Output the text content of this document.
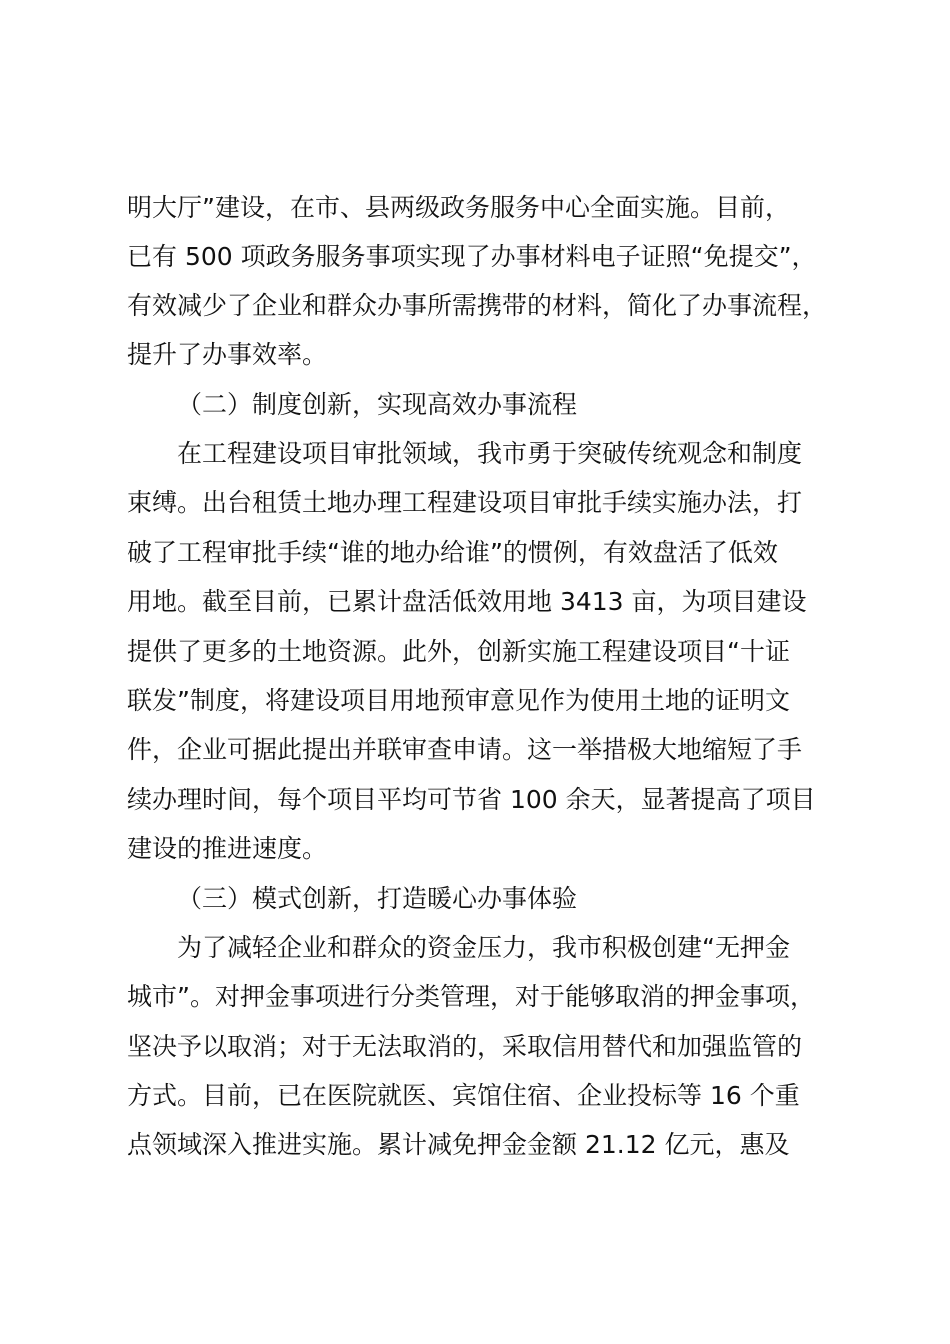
明大厅”建设，在市、县两级政务服务中心全面实施。目前，
已有 500 项政务服务事项实现了办事材料电子证照“免提交”，
有效减少了企业和群众办事所需携带的材料，简化了办事流程，
提升了办事效率。
（二）制度创新，实现高效办事流程
在工程建设项目审批领域，我市勇于突破传统观念和制度
束缚。出台租赁土地办理工程建设项目审批手续实施办法，打
破了工程审批手续“谁的地办给谁”的惯例，有效盘活了低效
用地。截至目前，已累计盘活低效用地 3413 亩，为项目建设
提供了更多的土地资源。此外，创新实施工程建设项目“十证
联发”制度，将建设项目用地预审意见作为使用土地的证明文
件，企业可据此提出并联审查申请。这一举措极大地缩短了手
续办理时间，每个项目平均可节省 100 余天，显著提高了项目
建设的推进速度。
（三）模式创新，打造暖心办事体验
为了减轻企业和群众的资金压力，我市积极创建“无押金
城市”。对押金事项进行分类管理，对于能够取消的押金事项，
坚决予以取消；对于无法取消的，采取信用替代和加强监管的
方式。目前，已在医院就医、宾馆住宿、企业投标等 16 个重
点领域深入推进实施。累计减免押金金额 21.12 亿元，惠及
